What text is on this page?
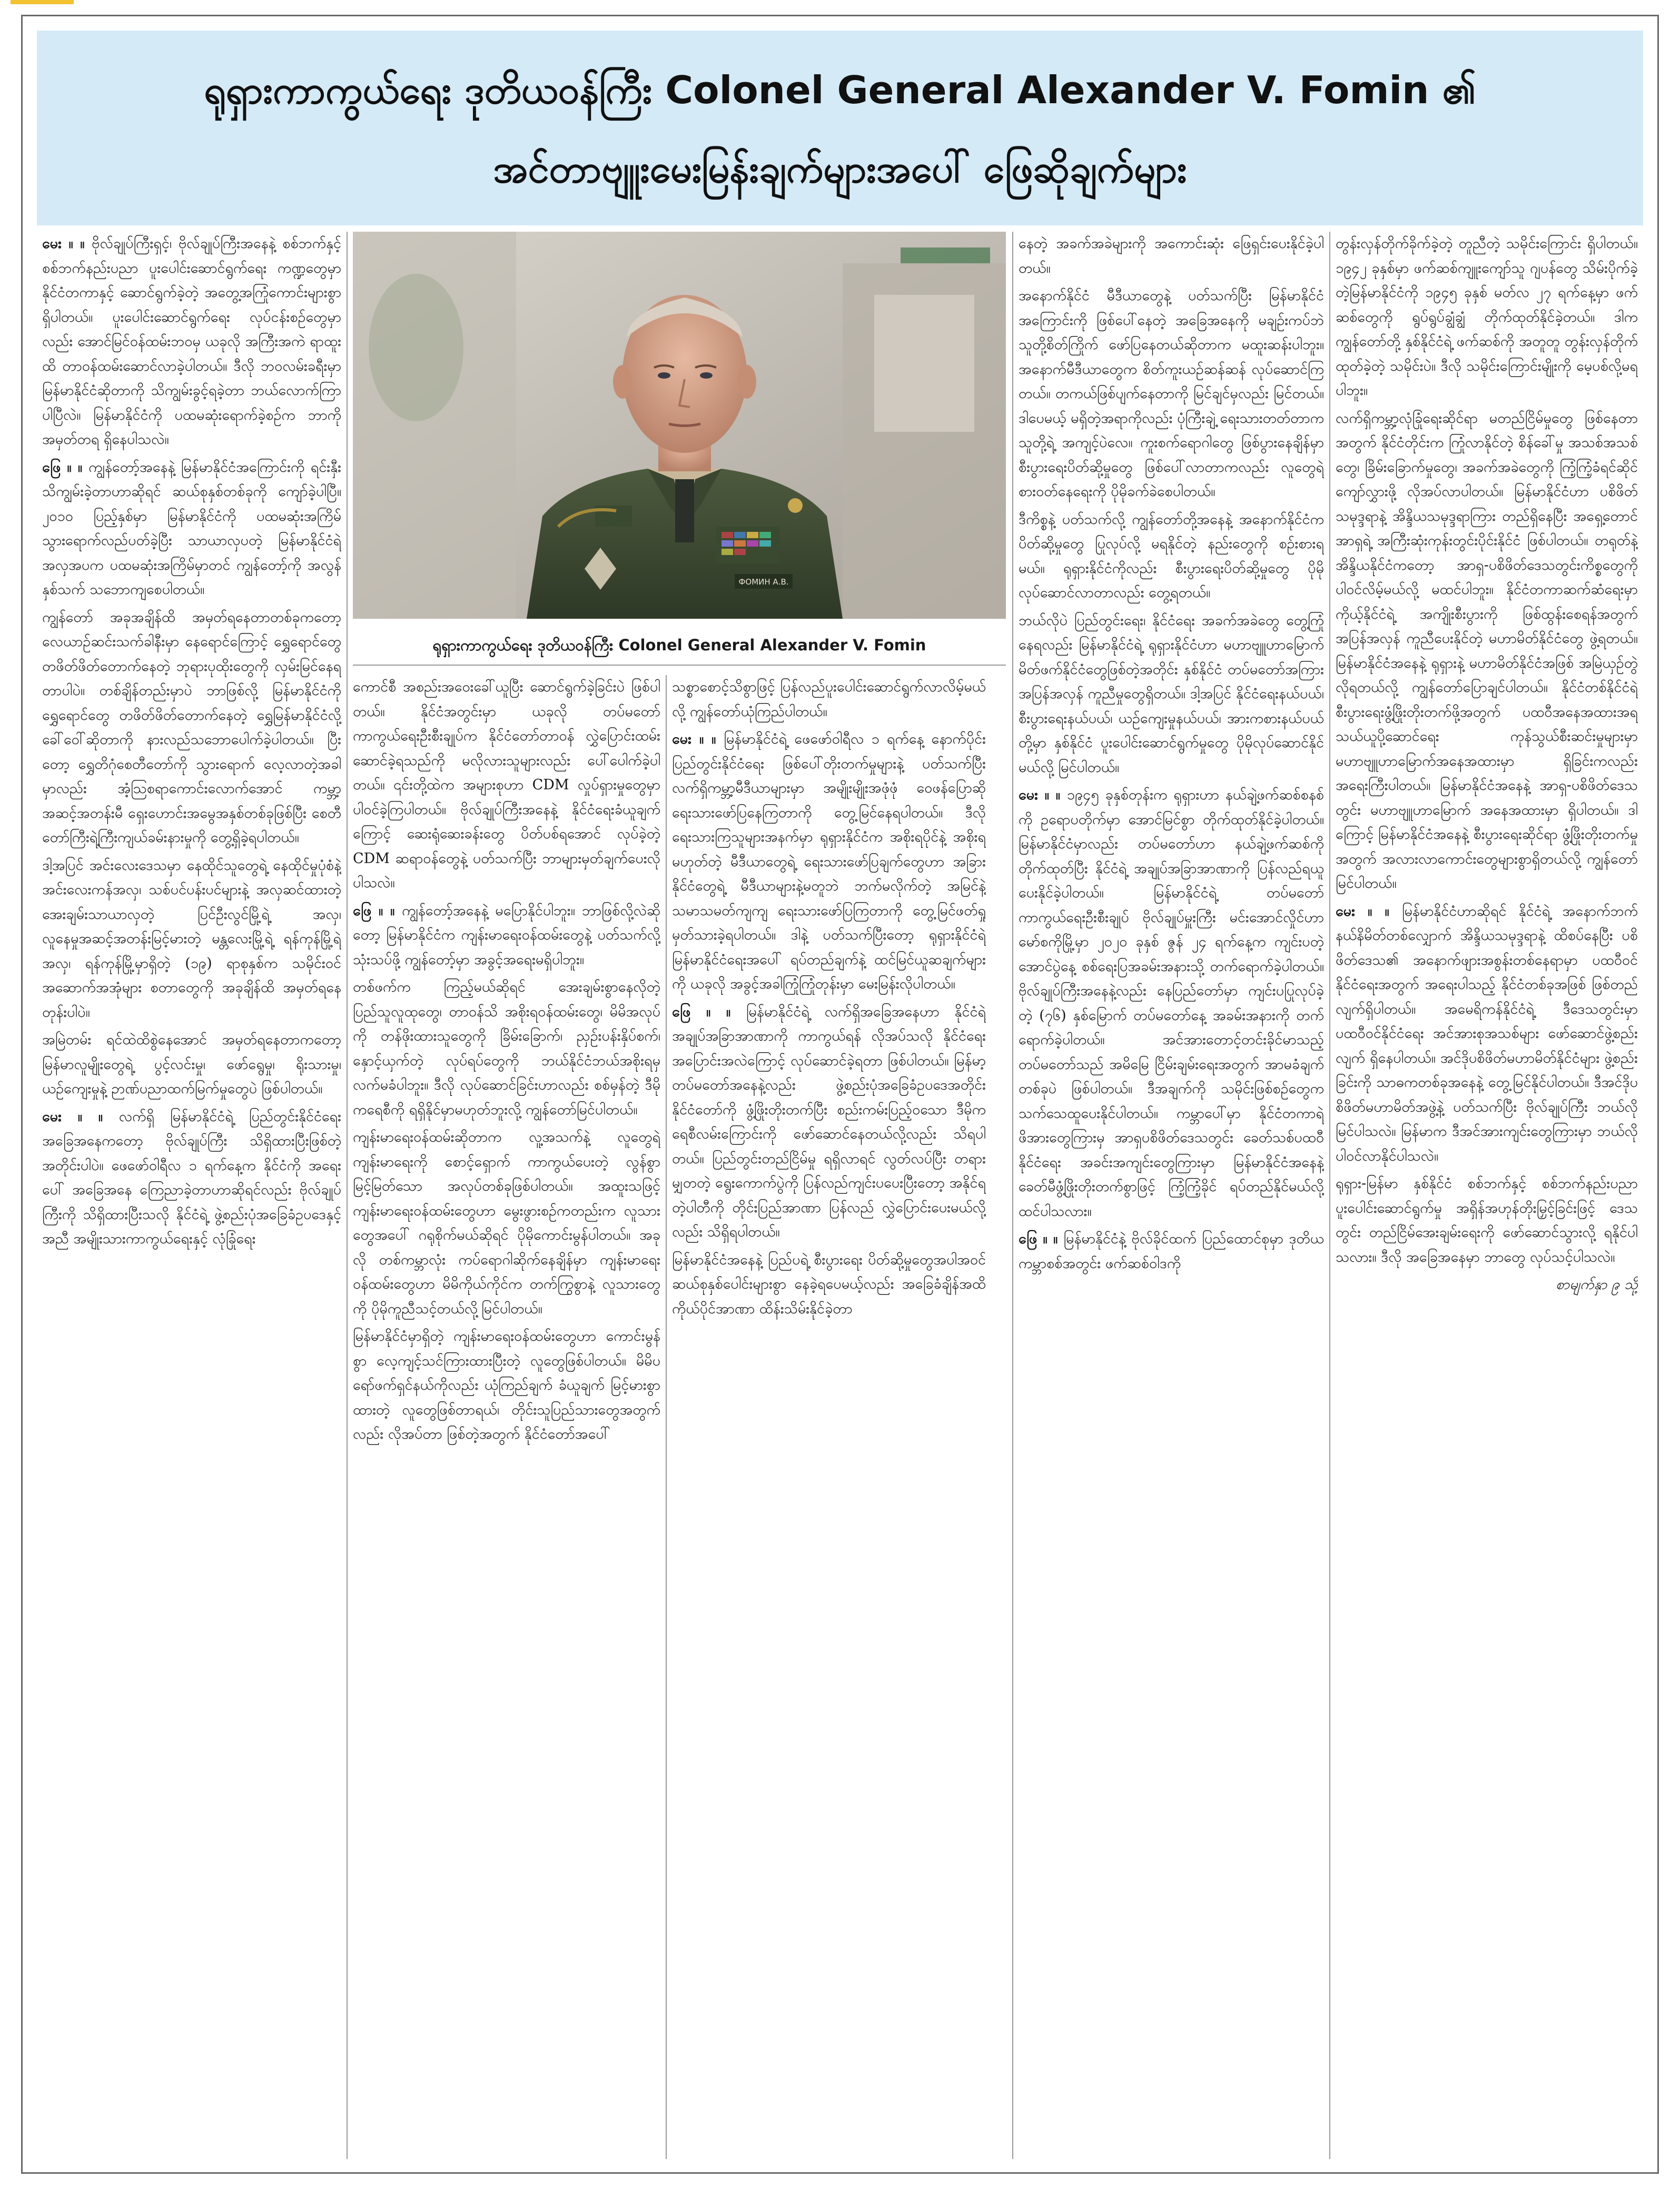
ရုရှားကာကွယ်ရေး ဒုတိယဝန်ကြီး Colonel General Alexander V. Fomin ၏
အင်တာဗျူးမေးမြန်းချက်များအပေါ် ဖြေဆိုချက်များ

မေး ။ ။ ဗိုလ်ချုပ်ကြီးရှင့်၊ ဗိုလ်ချုပ်ကြီးအနေနဲ့ စစ်ဘက်နှင့် စစ်ဘက်နည်းပညာ ပူးပေါင်းဆောင်ရွက်ရေး ကဏ္ဍတွေမှာ နိုင်ငံတကာနှင့် ဆောင်ရွက်ခဲ့တဲ့ အတွေ့အကြုံကောင်းများစွာရှိပါတယ်။ ပူးပေါင်းဆောင်ရွက်ရေး လုပ်ငန်းစဉ်တွေမှာလည်း အောင်မြင်ဝန်ထမ်းဘဝမှ ယခုလို အကြီးအကဲ ရာထူးထိ တာဝန်ထမ်းဆောင်လာခဲ့ပါတယ်။ ဒီလို ဘဝလမ်းခရီးမှာ မြန်မာနိုင်ငံဆိုတာကို သိကျွမ်းခွင့်ရခဲ့တာ ဘယ်လောက်ကြာပါပြီလဲ။ မြန်မာနိုင်ငံကို ပထမဆုံးရောက်ခဲ့စဉ်က ဘာကို အမှတ်တရ ရှိနေပါသလဲ။

ဖြေ ။ ။ ကျွန်တော့်အနေနဲ့ မြန်မာနိုင်ငံအကြောင်းကို ရင်းနှီးသိကျွမ်းခဲ့တာဟာဆိုရင် ဆယ်စုနှစ်တစ်ခုကို ကျော်ခဲ့ပါပြီ။ ၂၀၁၀ ပြည့်နှစ်မှာ မြန်မာနိုင်ငံကို ပထမဆုံးအကြိမ် သွားရောက်လည်ပတ်ခဲ့ပြီး သာယာလှပတဲ့ မြန်မာနိုင်ငံရဲ့ အလှအပက ပထမဆုံးအကြိမ်မှာတင် ကျွန်တော့်ကို အလွန်နှစ်သက် သဘောကျစေပါတယ်။

ကျွန်တော် အခုအချိန်ထိ အမှတ်ရနေတာတစ်ခုကတော့ လေယာဉ်ဆင်းသက်ခါနီးမှာ နေရောင်ကြောင့် ရွှေရောင်တွေ တဖိတ်ဖိတ်တောက်နေတဲ့ ဘုရားပုထိုးတွေကို လှမ်းမြင်နေရတာပါပဲ။ တစ်ချိန်တည်းမှာပဲ ဘာဖြစ်လို့ မြန်မာနိုင်ငံကို ရွှေရောင်တွေ တဖိတ်ဖိတ်တောက်နေတဲ့ ရွှေမြန်မာနိုင်ငံလို့ ခေါ်ဝေါ်ဆိုတာကို နားလည်သဘောပေါက်ခဲ့ပါတယ်။ ပြီးတော့ ရွှေတိဂုံစေတီတော်ကို သွားရောက် လေ့လာတဲ့အခါမှာလည်း အံ့ဩစရာကောင်းလောက်အောင် ကမ္ဘာ့အဆင့်အတန်းမီ ရှေးဟောင်းအမွေအနှစ်တစ်ခုဖြစ်ပြီး စေတီတော်ကြီးရဲ့ကြီးကျယ်ခမ်းနားမှုကို တွေ့ရှိခဲ့ရပါတယ်။

ဒါ့အပြင် အင်းလေးဒေသမှာ နေထိုင်သူတွေရဲ့ နေထိုင်မှုပုံစံနဲ့ အင်းလေးကန်အလှ၊ သစ်ပင်ပန်းပင်များနဲ့ အလှဆင်ထားတဲ့ အေးချမ်းသာယာလှတဲ့ ပြင်ဦးလွင်မြို့ရဲ့ အလှ၊ လူနေမှုအဆင့်အတန်းမြင့်မားတဲ့ မန္တလေးမြို့ရဲ့ ရန်ကုန်မြို့ရဲ့ အလှ၊ ရန်ကုန်မြို့မှာရှိတဲ့ (၁၉) ရာစုနှစ်က သမိုင်းဝင်အဆောက်အအုံများ စတာတွေကို အခုချိန်ထိ အမှတ်ရနေတုန်းပါပဲ။

အမြဲတမ်း ရင်ထဲထိစွဲနေအောင် အမှတ်ရနေတာကတော့ မြန်မာလူမျိုးတွေရဲ့ ပွင့်လင်းမှု၊ ဖော်ရွေမှု၊ ရိုးသားမှု၊ ယဉ်ကျေးမှုနဲ့ ဉာဏ်ပညာထက်မြက်မှုတွေပဲ ဖြစ်ပါတယ်။

မေး ။ ။ လက်ရှိ မြန်မာနိုင်ငံရဲ့ ပြည်တွင်းနိုင်ငံရေး အခြေအနေကတော့ ဗိုလ်ချုပ်ကြီး သိရှိထားပြီးဖြစ်တဲ့အတိုင်းပါပဲ။ ဖေဖော်ဝါရီလ ၁ ရက်နေ့က နိုင်ငံကို အရေးပေါ် အခြေအနေ ကြေညာခဲ့တာဟာဆိုရင်လည်း ဗိုလ်ချုပ်ကြီးကို သိရှိထားပြီးသလို နိုင်ငံရဲ့ ဖွဲ့စည်းပုံအခြေခံဥပဒေနှင့်အညီ အမျိုးသားကာကွယ်ရေးနှင့် လုံခြုံရေး

ФОМИН А.В.
ရုရှားကာကွယ်ရေး ဒုတိယဝန်ကြီး Colonel General Alexander V. Fomin

ကောင်စီ အစည်းအဝေးခေါ်ယူပြီး ဆောင်ရွက်ခဲ့ခြင်းပဲ ဖြစ်ပါတယ်။ နိုင်ငံအတွင်းမှာ ယခုလို တပ်မတော်ကာကွယ်ရေးဦးစီးချုပ်က နိုင်ငံတော်တာဝန် လွှဲပြောင်းထမ်းဆောင်ခဲ့ရသည်ကို မလိုလားသူများလည်း ပေါ်ပေါက်ခဲ့ပါတယ်။ ၎င်းတို့ထဲက အများစုဟာ CDM လှုပ်ရှားမှုတွေမှာ ပါဝင်ခဲ့ကြပါတယ်။ ဗိုလ်ချုပ်ကြီးအနေနဲ့ နိုင်ငံရေးခံယူချက်ကြောင့် ဆေးရုံဆေးခန်းတွေ ပိတ်ပစ်ရအောင် လုပ်ခဲ့တဲ့ CDM ဆရာဝန်တွေနဲ့ ပတ်သက်ပြီး ဘာများမှတ်ချက်ပေးလိုပါသလဲ။

ဖြေ ။ ။ ကျွန်တော့်အနေနဲ့ မပြောနိုင်ပါဘူး။ ဘာဖြစ်လို့လဲဆိုတော့ မြန်မာနိုင်ငံက ကျန်းမာရေးဝန်ထမ်းတွေနဲ့ ပတ်သက်လို့ သုံးသပ်ဖို့ ကျွန်တော့်မှာ အခွင့်အရေးမရှိပါဘူး။

တစ်ဖက်က ကြည့်မယ်ဆိုရင် အေးချမ်းစွာနေလိုတဲ့ ပြည်သူလူထုတွေ၊ တာဝန်သိ အစိုးရဝန်ထမ်းတွေ၊ မိမိအလုပ်ကို တန်ဖိုးထားသူတွေကို ခြိမ်းခြောက်၊ ညှဉ်းပန်းနှိပ်စက်၊ နှောင့်ယှက်တဲ့ လုပ်ရပ်တွေကို ဘယ်နိုင်ငံဘယ်အစိုးရမှ လက်မခံပါဘူး။ ဒီလို လုပ်ဆောင်ခြင်းဟာလည်း စစ်မှန်တဲ့ ဒီမိုကရေစီကို ရရှိနိုင်မှာမဟုတ်ဘူးလို့ ကျွန်တော်မြင်ပါတယ်။

ကျန်းမာရေးဝန်ထမ်းဆိုတာက လူ့အသက်နဲ့ လူတွေရဲ့ ကျန်းမာရေးကို စောင့်ရှောက် ကာကွယ်ပေးတဲ့ လွန်စွာမြင့်မြတ်သော အလုပ်တစ်ခုဖြစ်ပါတယ်။ အထူးသဖြင့် ကျန်းမာရေးဝန်ထမ်းတွေဟာ မွေးဖွားစဉ်ကတည်းက လူသားတွေအပေါ် ဂရုစိုက်မယ်ဆိုရင် ပိုမိုကောင်းမွန်ပါတယ်။ အခုလို တစ်ကမ္ဘာလုံး ကပ်ရောဂါဆိုက်နေချိန်မှာ ကျန်းမာရေး ဝန်ထမ်းတွေဟာ မိမိကိုယ်ကိုင်က တက်ကြွစွာနဲ့ လူသားတွေကို ပိုမိုကူညီသင့်တယ်လို့မြင်ပါတယ်။

မြန်မာနိုင်ငံမှာရှိတဲ့ ကျန်းမာရေးဝန်ထမ်းတွေဟာ ကောင်းမွန်စွာ လေ့ကျင့်သင်ကြားထားပြီးတဲ့ လူတွေဖြစ်ပါတယ်။ မိမိပရော်ဖက်ရှင်နယ်ကိုလည်း ယုံကြည်ချက် ခံယူချက် မြင့်မားစွာ ထားတဲ့ လူတွေဖြစ်တာရယ်၊ တိုင်းသူပြည်သားတွေအတွက်လည်း လိုအပ်တာ ဖြစ်တဲ့အတွက် နိုင်ငံတော်အပေါ်

သစ္စာစောင့်သိစွာဖြင့် ပြန်လည်ပူးပေါင်းဆောင်ရွက်လာလိမ့်မယ်လို့ ကျွန်တော်ယုံကြည်ပါတယ်။

မေး ။ ။ မြန်မာနိုင်ငံရဲ့ ဖေဖော်ဝါရီလ ၁ ရက်နေ့ နောက်ပိုင်း ပြည်တွင်းနိုင်ငံရေး ဖြစ်ပေါ်တိုးတက်မှုများနဲ့ ပတ်သက်ပြီး လက်ရှိကမ္ဘာ့မီဒီယာများမှာ အမျိုးမျိုးအဖုံဖုံ ဝေဖန်ပြောဆိုရေးသားဖော်ပြနေကြတာကို တွေ့မြင်နေရပါတယ်။ ဒီလိုရေးသားကြသူများအနက်မှာ ရုရှားနိုင်ငံက အစိုးရပိုင်နဲ့ အစိုးရမဟုတ်တဲ့ မီဒီယာတွေရဲ့ ရေးသားဖော်ပြချက်တွေဟာ အခြားနိုင်ငံတွေရဲ့ မီဒီယာများနဲ့မတူဘဲ ဘက်မလိုက်တဲ့ အမြင်နဲ့ သမာသမတ်ကျကျ ရေးသားဖော်ပြကြတာကို တွေ့မြင်ဖတ်ရှုမှတ်သားခဲ့ရပါတယ်။ ဒါနဲ့ ပတ်သက်ပြီးတော့ ရုရှားနိုင်ငံရဲ့ မြန်မာနိုင်ငံရေးအပေါ် ရပ်တည်ချက်နဲ့ ထင်မြင်ယူဆချက်များကို ယခုလို အခွင့်အခါကြုံကြုံတုန်းမှာ မေးမြန်းလိုပါတယ်။

ဖြေ ။ ။ မြန်မာနိုင်ငံရဲ့ လက်ရှိအခြေအနေဟာ နိုင်ငံရဲ့ အချုပ်အခြာအာဏာကို ကာကွယ်ရန် လိုအပ်သလို နိုင်ငံရေးအပြောင်းအလဲကြောင့် လုပ်ဆောင်ခဲ့ရတာ ဖြစ်ပါတယ်။ မြန်မာ့တပ်မတော်အနေနဲ့လည်း ဖွဲ့စည်းပုံအခြေခံဥပဒေအတိုင်း နိုင်ငံတော်ကို ဖွံ့ဖြိုးတိုးတက်ပြီး စည်းကမ်းပြည့်ဝသော ဒီမိုကရေစီလမ်းကြောင်းကို ဖော်ဆောင်နေတယ်လို့လည်း သိရပါတယ်။ ပြည်တွင်းတည်ငြိမ်မှု ရရှိလာရင် လွတ်လပ်ပြီး တရားမျှတတဲ့ ရွေးကောက်ပွဲကို ပြန်လည်ကျင်းပပေးပြီးတော့ အနိုင်ရတဲ့ပါတီကို တိုင်းပြည်အာဏာ ပြန်လည် လွှဲပြောင်းပေးမယ်လို့လည်း သိရှိရပါတယ်။

မြန်မာနိုင်ငံအနေနဲ့ ပြည်ပရဲ့ စီးပွားရေး ပိတ်ဆို့မှုတွေအပါအဝင် ဆယ်စုနှစ်ပေါင်းများစွာ နေခဲ့ရပေမယ့်လည်း အခြေခံချိန်အထိ ကိုယ်ပိုင်အာဏာ ထိန်းသိမ်းနိုင်ခဲ့တာ

နေတဲ့ အခက်အခဲများကို အကောင်းဆုံး ဖြေရှင်းပေးနိုင်ခဲ့ပါတယ်။

အနောက်နိုင်ငံ မီဒီယာတွေနဲ့ ပတ်သက်ပြီး မြန်မာနိုင်ငံအကြောင်းကို ဖြစ်ပေါ်နေတဲ့ အခြေအနေကို မချဉ်းကပ်ဘဲ သူတို့စိတ်ကြိုက် ဖော်ပြနေတယ်ဆိုတာက မထူးဆန်းပါဘူး။ အနောက်မီဒီယာတွေက စိတ်ကူးယဉ်ဆန်ဆန် လုပ်ဆောင်ကြတယ်။ တကယ်ဖြစ်ပျက်နေတာကို မြင်ချင်မှလည်း မြင်တယ်။ ဒါပေမယ့် မရှိတဲ့အရာကိုလည်း ပုံကြီးချဲ့ ရေးသားတတ်တာက သူတို့ရဲ့ အကျင့်ပဲလေ။ ကူးစက်ရောဂါတွေ ဖြစ်ပွားနေချိန်မှာ စီးပွားရေးပိတ်ဆို့မှုတွေ ဖြစ်ပေါ်လာတာကလည်း လူတွေရဲ့ စားဝတ်နေရေးကို ပိုမိုခက်ခဲစေပါတယ်။

ဒီကိစ္စနဲ့ ပတ်သက်လို့ ကျွန်တော်တို့အနေနဲ့ အနောက်နိုင်ငံက ပိတ်ဆို့မှုတွေ ပြုလုပ်လို့ မရနိုင်တဲ့ နည်းတွေကို စဉ်းစားရမယ်။ ရုရှားနိုင်ငံကိုလည်း စီးပွားရေးပိတ်ဆို့မှုတွေ ပိုမိုလုပ်ဆောင်လာတာလည်း တွေ့ရတယ်။

ဘယ်လိုပဲ ပြည်တွင်းရေး၊ နိုင်ငံရေး အခက်အခဲတွေ တွေ့ကြုံနေရလည်း မြန်မာနိုင်ငံရဲ့ ရုရှားနိုင်ငံဟာ မဟာဗျူဟာမြောက် မိတ်ဖက်နိုင်ငံတွေဖြစ်တဲ့အတိုင်း နှစ်နိုင်ငံ တပ်မတော်အကြား အပြန်အလှန် ကူညီမှုတွေရှိတယ်။ ဒါ့အပြင် နိုင်ငံရေးနယ်ပယ်၊ စီးပွားရေးနယ်ပယ်၊ ယဉ်ကျေးမှုနယ်ပယ်၊ အားကစားနယ်ပယ်တို့မှာ နှစ်နိုင်ငံ ပူးပေါင်းဆောင်ရွက်မှုတွေ ပိုမိုလုပ်ဆောင်နိုင်မယ်လို့ မြင်ပါတယ်။

မေး ။ ။ ၁၉၄၅ ခုနှစ်တုန်းက ရုရှားဟာ နယ်ချဲ့ဖက်ဆစ်စနစ်ကို ဥရောပတိုက်မှာ အောင်မြင်စွာ တိုက်ထုတ်နိုင်ခဲ့ပါတယ်။ မြန်မာနိုင်ငံမှာလည်း တပ်မတော်ဟာ နယ်ချဲ့ဖက်ဆစ်ကို တိုက်ထုတ်ပြီး နိုင်ငံရဲ့ အချုပ်အခြာအာဏာကို ပြန်လည်ရယူပေးနိုင်ခဲ့ပါတယ်။ မြန်မာနိုင်ငံရဲ့ တပ်မတော် ကာကွယ်ရေးဦးစီးချုပ် ဗိုလ်ချုပ်မှူးကြီး မင်းအောင်လှိုင်ဟာ မော်စကိုမြို့မှာ ၂၀၂၀ ခုနှစ် ဇွန် ၂၄ ရက်နေ့က ကျင်းပတဲ့ အောင်ပွဲနေ့ စစ်ရေးပြအခမ်းအနားသို့ တက်ရောက်ခဲ့ပါတယ်။ ဗိုလ်ချုပ်ကြီးအနေနဲ့လည်း နေပြည်တော်မှာ ကျင်းပပြုလုပ်ခဲ့တဲ့ (၇၆) နှစ်မြောက် တပ်မတော်နေ့ အခမ်းအနားကို တက်ရောက်ခဲ့ပါတယ်။ အင်အားတောင့်တင်းခိုင်မာသည့် တပ်မတော်သည် အမိမြေ ငြိမ်းချမ်းရေးအတွက် အာမခံချက်တစ်ခုပဲ ဖြစ်ပါတယ်။ ဒီအချက်ကို သမိုင်းဖြစ်စဉ်တွေက သက်သေထူပေးနိုင်ပါတယ်။ ကမ္ဘာပေါ်မှာ နိုင်ငံတကာရဲ့ ဖိအားတွေကြားမှ အာရှပစိဖိတ်ဒေသတွင်း ခေတ်သစ်ပထဝီနိုင်ငံရေး အခင်းအကျင်းတွေကြားမှာ မြန်မာနိုင်ငံအနေနဲ့ ခေတ်မီဖွံ့ဖြိုးတိုးတက်စွာဖြင့် ကြံ့ကြံ့ခိုင် ရပ်တည်နိုင်မယ်လို့ ထင်ပါသလား။

ဖြေ ။ ။ မြန်မာနိုင်ငံနဲ့ ဗိုလ်ခိုင်ထက် ပြည်ထောင်စုမှာ ဒုတိယကမ္ဘာစစ်အတွင်း ဖက်ဆစ်ဝါဒကို

တွန်းလှန်တိုက်ခိုက်ခဲ့တဲ့ တူညီတဲ့ သမိုင်းကြောင်း ရှိပါတယ်။ ၁၉၄၂ ခုနှစ်မှာ ဖက်ဆစ်ကျူးကျော်သူ ဂျပန်တွေ သိမ်းပိုက်ခဲ့တဲ့မြန်မာနိုင်ငံကို ၁၉၄၅ ခုနှစ် မတ်လ ၂၇ ရက်နေ့မှာ ဖက်ဆစ်တွေကို ရွပ်ရွပ်ချွံချွံ တိုက်ထုတ်နိုင်ခဲ့တယ်။ ဒါက ကျွန်တော်တို့ နှစ်နိုင်ငံရဲ့ ဖက်ဆစ်ကို အတူတူ တွန်းလှန်တိုက်ထုတ်ခဲ့တဲ့ သမိုင်းပဲ။ ဒီလို သမိုင်းကြောင်းမျိုးကို မေ့ပစ်လို့မရပါဘူး။

လက်ရှိကမ္ဘာ့လုံခြုံရေးဆိုင်ရာ မတည်ငြိမ်မှုတွေ ဖြစ်နေတာအတွက် နိုင်ငံတိုင်းက ကြုံလာနိုင်တဲ့ စိန်ခေါ်မှု အသစ်အသစ်တွေ၊ ခြိမ်းခြောက်မှုတွေ၊ အခက်အခဲတွေကို ကြံ့ကြံ့ခံရင်ဆိုင်ကျော်လွှားဖို့ လိုအပ်လာပါတယ်။ မြန်မာနိုင်ငံဟာ ပစိဖိတ်သမုဒ္ဒရာနဲ့ အိန္ဒိယသမုဒ္ဒရာကြား တည်ရှိနေပြီး အရှေ့တောင်အာရှရဲ့ အကြီးဆုံးကုန်းတွင်းပိုင်းနိုင်ငံ ဖြစ်ပါတယ်။ တရုတ်နဲ့ အိန္ဒိယနိုင်ငံကတော့ အာရှ-ပစိဖိတ်ဒေသတွင်းကိစ္စတွေကို ပါဝင်လိမ့်မယ်လို့ မထင်ပါဘူး။ နိုင်ငံတကာဆက်ဆံရေးမှာ ကိုယ့်နိုင်ငံရဲ့ အကျိုးစီးပွားကို ဖြစ်ထွန်းစေရန်အတွက် အပြန်အလှန် ကူညီပေးနိုင်တဲ့ မဟာမိတ်နိုင်ငံတွေ ဖွဲ့ရတယ်။ မြန်မာနိုင်ငံအနေနဲ့ ရုရှားနဲ့ မဟာမိတ်နိုင်ငံအဖြစ် အမြဲယှဉ်တွဲလိုရတယ်လို့ ကျွန်တော်ပြောချင်ပါတယ်။ နိုင်ငံတစ်နိုင်ငံရဲ့ စီးပွားရေးဖွံ့ဖြိုးတိုးတက်ဖို့အတွက် ပထဝီအနေအထားအရ သယ်ယူပို့ဆောင်ရေး ကုန်သွယ်စီးဆင်းမှုများမှာ မဟာဗျူဟာမြောက်အနေအထားမှာ ရှိခြင်းကလည်း အရေးကြီးပါတယ်။ မြန်မာနိုင်ငံအနေနဲ့ အာရှ-ပစိဖိတ်ဒေသတွင်း မဟာဗျူဟာမြောက် အနေအထားမှာ ရှိပါတယ်။ ဒါကြောင့် မြန်မာနိုင်ငံအနေနဲ့ စီးပွားရေးဆိုင်ရာ ဖွံ့ဖြိုးတိုးတက်မှုအတွက် အလားလာကောင်းတွေများစွာရှိတယ်လို့ ကျွန်တော်မြင်ပါတယ်။

မေး ။ ။ မြန်မာနိုင်ငံဟာဆိုရင် နိုင်ငံရဲ့ အနောက်ဘက် နယ်နိမိတ်တစ်လျှောက် အိန္ဒိယသမုဒ္ဒရာနဲ့ ထိစပ်နေပြီး ပစိဖိတ်ဒေသ၏ အနောက်ဖျားအစွန်းတစ်နေရာမှာ ပထဝီဝင်နိုင်ငံရေးအတွက် အရေးပါသည့် နိုင်ငံတစ်ခုအဖြစ် ဖြစ်တည်လျက်ရှိပါတယ်။ အမေရိကန်နိုင်ငံရဲ့ ဒီဒေသတွင်းမှာ ပထဝီဝင်နိုင်ငံရေး အင်အားစုအသစ်များ ဖော်ဆောင်ဖွဲ့စည်းလျက် ရှိနေပါတယ်။ အင်ဒိုပစိဖိတ်မဟာမိတ်နိုင်ငံများ ဖွဲ့စည်းခြင်းကို သာဓကတစ်ခုအနေနဲ့ တွေ့မြင်နိုင်ပါတယ်။ ဒီအင်ဒိုပစိဖိတ်မဟာမိတ်အဖွဲ့နဲ့ ပတ်သက်ပြီး ဗိုလ်ချုပ်ကြီး ဘယ်လိုမြင်ပါသလဲ။ မြန်မာက ဒီအင်အားကျင်းတွေကြားမှာ ဘယ်လိုပါဝင်လာနိုင်ပါသလဲ။

ရုရှား-မြန်မာ နှစ်နိုင်ငံ စစ်ဘက်နှင့် စစ်ဘက်နည်းပညာ ပူးပေါင်းဆောင်ရွက်မှု အရှိန်အဟုန်တိုးမြှင့်ခြင်းဖြင့် ဒေသတွင်း တည်ငြိမ်အေးချမ်းရေးကို ဖော်ဆောင်သွားလို့ ရနိုင်ပါသလား။ ဒီလို အခြေအနေမှာ ဘာတွေ လုပ်သင့်ပါသလဲ။

စာမျက်နှာ ၉ သို့
